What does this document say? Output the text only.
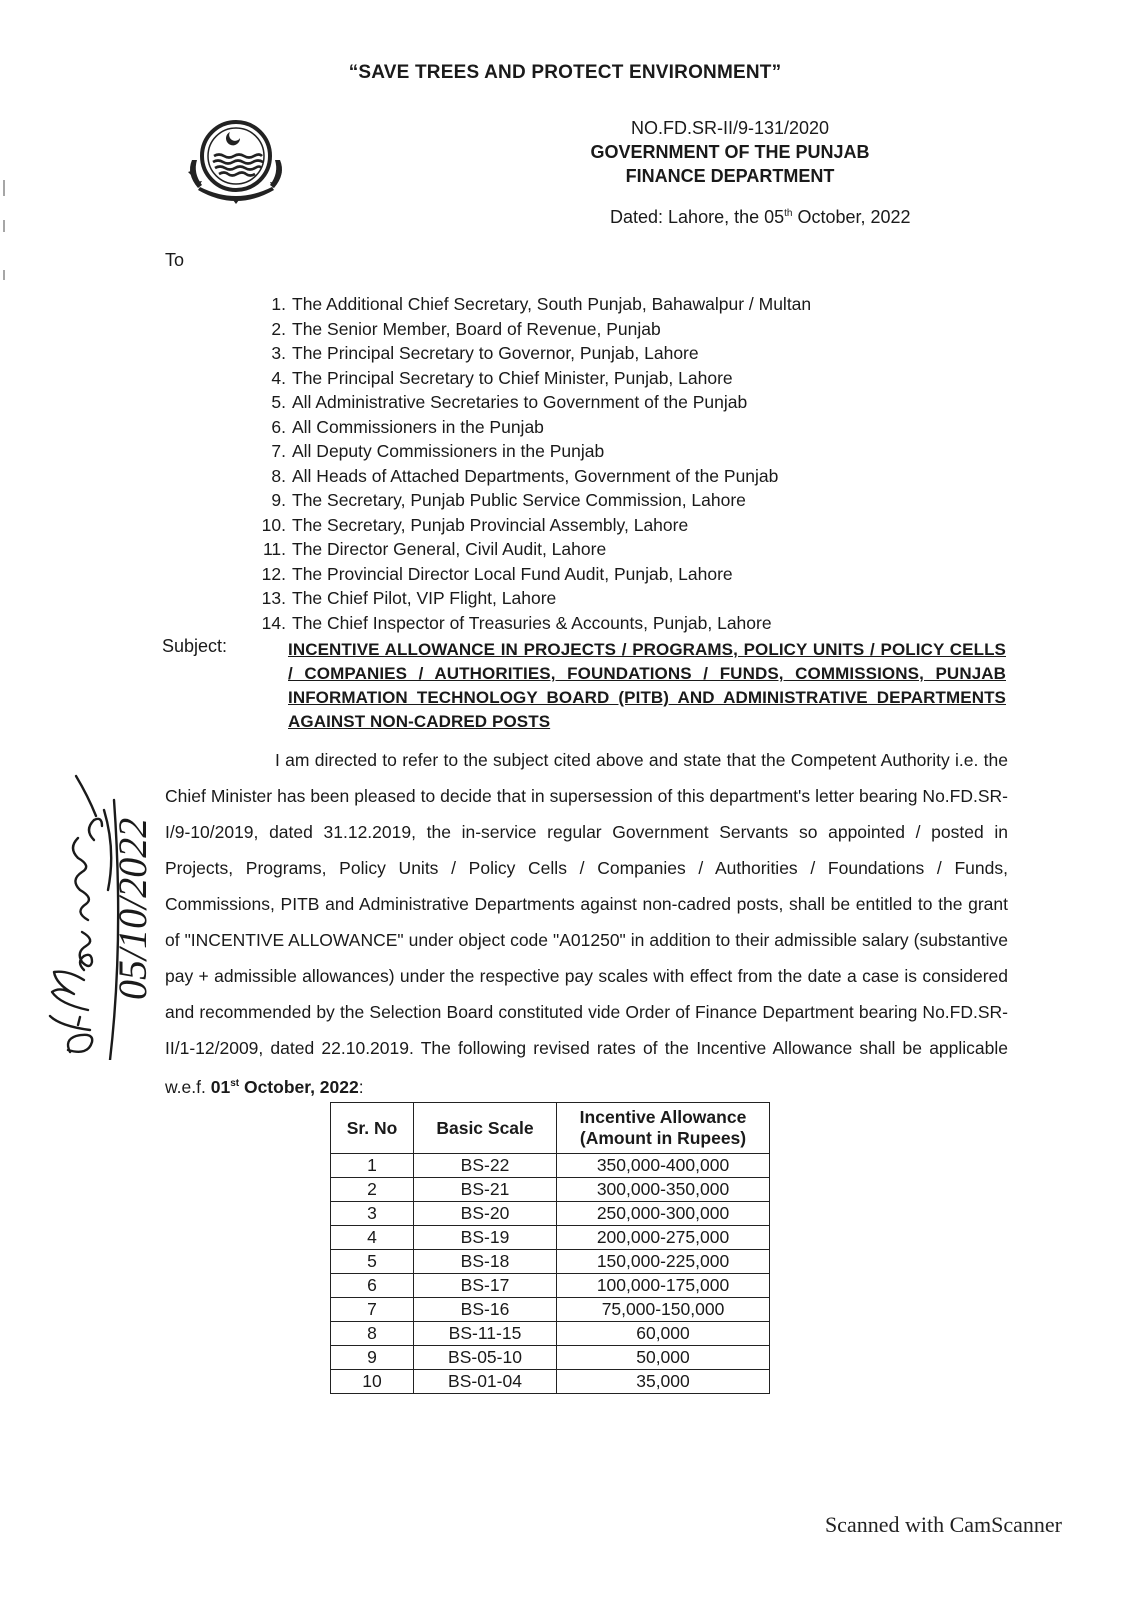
“SAVE TREES AND PROTECT ENVIRONMENT”
NO.FD.SR-II/9-131/2020
GOVERNMENT OF THE PUNJAB
FINANCE DEPARTMENT
Dated: Lahore, the 05th October, 2022
To
1. The Additional Chief Secretary, South Punjab, Bahawalpur / Multan
2. The Senior Member, Board of Revenue, Punjab
3. The Principal Secretary to Governor, Punjab, Lahore
4. The Principal Secretary to Chief Minister, Punjab, Lahore
5. All Administrative Secretaries to Government of the Punjab
6. All Commissioners in the Punjab
7. All Deputy Commissioners in the Punjab
8. All Heads of Attached Departments, Government of the Punjab
9. The Secretary, Punjab Public Service Commission, Lahore
10. The Secretary, Punjab Provincial Assembly, Lahore
11. The Director General, Civil Audit, Lahore
12. The Provincial Director Local Fund Audit, Punjab, Lahore
13. The Chief Pilot, VIP Flight, Lahore
14. The Chief Inspector of Treasuries & Accounts, Punjab, Lahore
Subject:	INCENTIVE ALLOWANCE IN PROJECTS / PROGRAMS, POLICY UNITS / POLICY CELLS / COMPANIES / AUTHORITIES, FOUNDATIONS / FUNDS, COMMISSIONS, PUNJAB INFORMATION TECHNOLOGY BOARD (PITB) AND ADMINISTRATIVE DEPARTMENTS AGAINST NON-CADRED POSTS
I am directed to refer to the subject cited above and state that the Competent Authority i.e. the Chief Minister has been pleased to decide that in supersession of this department's letter bearing No.FD.SR-I/9-10/2019, dated 31.12.2019, the in-service regular Government Servants so appointed / posted in Projects, Programs, Policy Units / Policy Cells / Companies / Authorities / Foundations / Funds, Commissions, PITB and Administrative Departments against non-cadred posts, shall be entitled to the grant of "INCENTIVE ALLOWANCE" under object code "A01250" in addition to their admissible salary (substantive pay + admissible allowances) under the respective pay scales with effect from the date a case is considered and recommended by the Selection Board constituted vide Order of Finance Department bearing No.FD.SR-II/1-12/2009, dated 22.10.2019. The following revised rates of the Incentive Allowance shall be applicable w.e.f. 01st October, 2022:
Sr. No	Basic Scale	Incentive Allowance
(Amount in Rupees)

1	BS-22	350,000-400,000
2	BS-21	300,000-350,000
3	BS-20	250,000-300,000
4	BS-19	200,000-275,000
5	BS-18	150,000-225,000
6	BS-17	100,000-175,000
7	BS-16	75,000-150,000
8	BS-11-15	60,000
9	BS-05-10	50,000
10	BS-01-04	35,000
05/10/2022
Scanned with CamScanner
